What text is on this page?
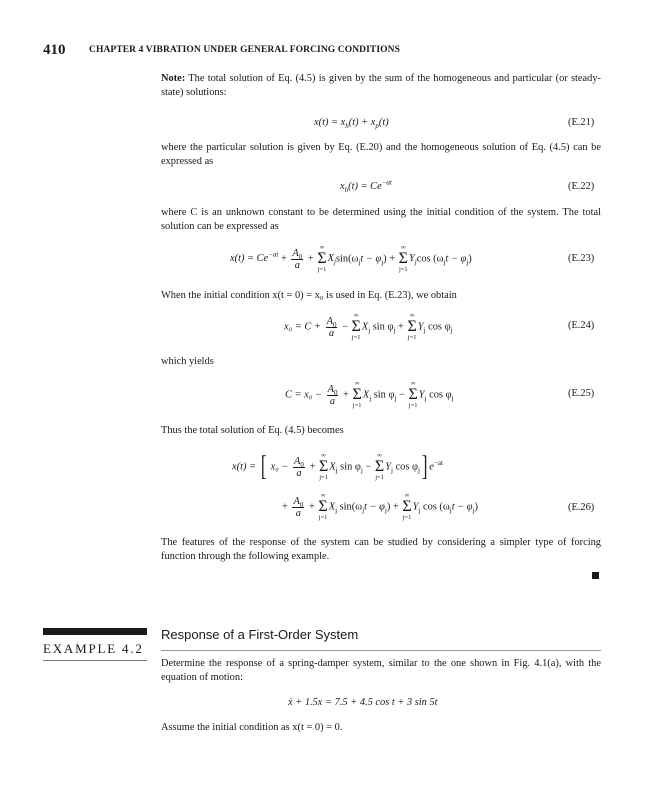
410 CHAPTER 4 VIBRATION UNDER GENERAL FORCING CONDITIONS
Note: The total solution of Eq. (4.5) is given by the sum of the homogeneous and particular (or steady-state) solutions:
$x(t) = x_h(t) + x_p(t)$	(E.21)
where the particular solution is given by Eq. (E.20) and the homogeneous solution of Eq. (4.5) can be expressed as
$x_h(t) = Ce^{-at}$	(E.22)
where C is an unknown constant to be determined using the initial condition of the system. The total solution can be expressed as
$x(t) = Ce^{-at} + \frac{A_0}{a}$ +
∞
Σ
j=1
$X_j\sin(\omega_jt - \varphi_j)$ +
∞
Σ
j=1
$Y_j\cos$ $(\omega_jt - \varphi_j)$	(E.23)
When the initial condition x(t = 0) = x₀ is used in Eq. (E.23), we obtain
$x_0 = C + \frac{A_0}{a}$ −
∞
Σ
j=1
$X_j$ $\sin \varphi_j$ +
∞
Σ
j=1
$Y_j$ $\cos \varphi_j$	(E.24)
which yields
$C = x_0 - \frac{A_0}{a}$ +
∞
Σ
j=1
$X_j$ $\sin \varphi_j$ −
∞
Σ
j=1
$Y_j$ $\cos \varphi_j$	(E.25)
Thus the total solution of Eq. (4.5) becomes
x(t) = [ $x_0 - \frac{A_0}{a}$ +
∞
Σ
j=1
$X_j$ $\sin \varphi_j$ −
∞
Σ
j=1
$Y_j$ $\cos \varphi_j$] $e^{-at}$
+ $\frac{A_0}{a}$ +
∞
Σ
j=1
$X_j$ $\sin(\omega_jt - \varphi_j)$ +
∞
Σ
j=1
$Y_j$ $\cos (\omega_jt - \varphi_j)$	(E.26)
The features of the response of the system can be studied by considering a simpler type of forcing function through the following example.
EXAMPLE 4.2
Response of a First-Order System
Determine the response of a spring-damper system, similar to the one shown in Fig. 4.1(a), with the equation of motion:
ẋ + 1.5x = 7.5 + 4.5 cos t + 3 sin 5t
Assume the initial condition as x(t = 0) = 0.
